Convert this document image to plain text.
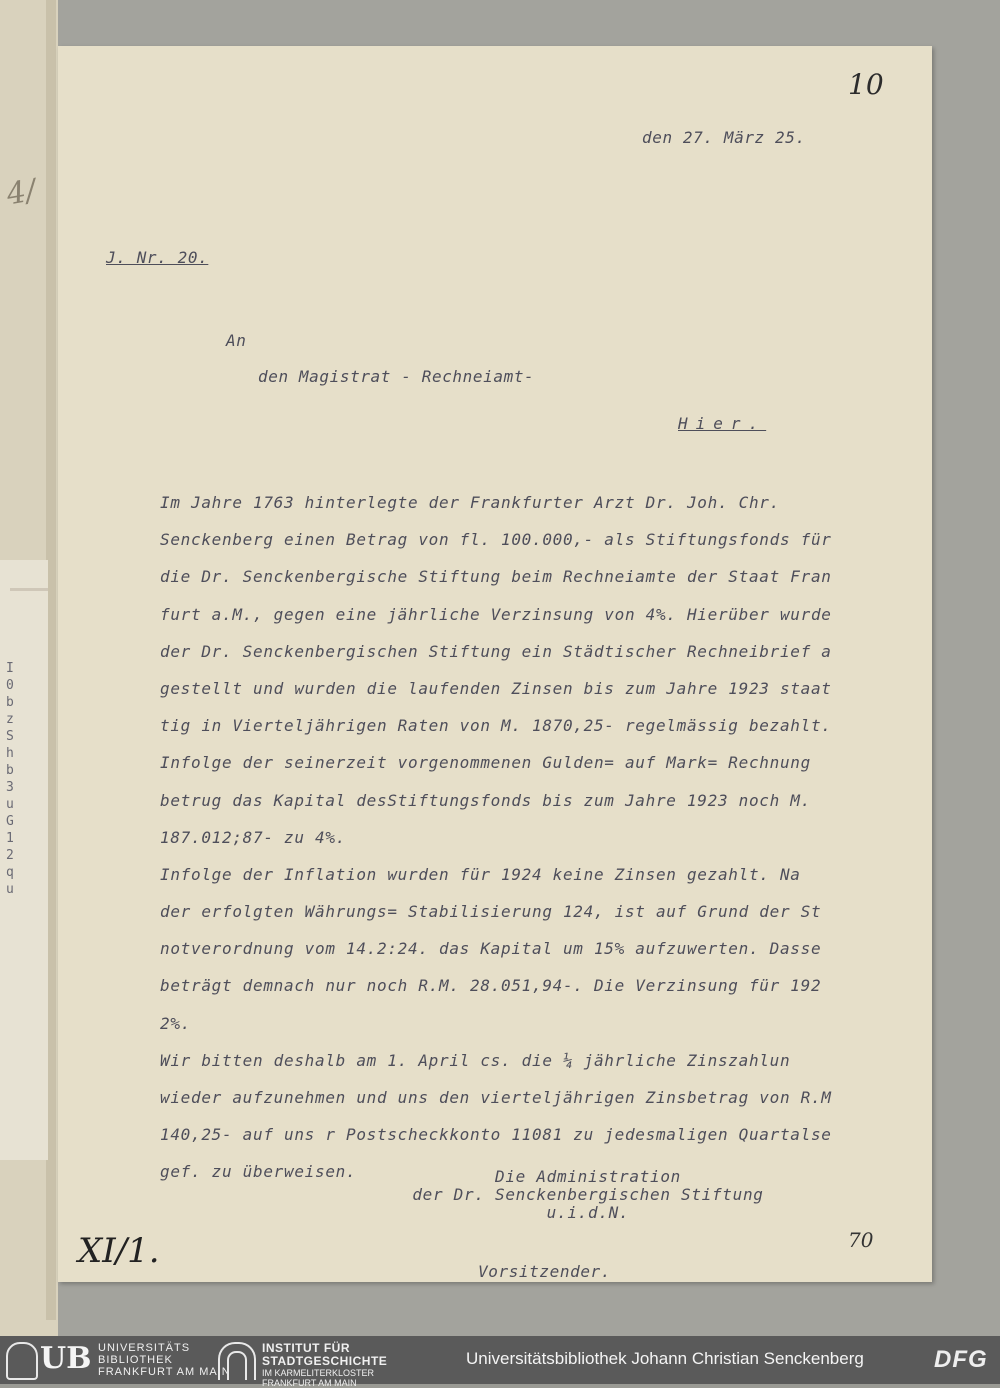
4/
I
0
b
z
S
h
b
3
u
G
1
2
q
u
10
den 27. März 25.
J. Nr. 20.
An
den Magistrat - Rechneiamt-
Hier.
Im Jahre 1763 hinterlegte der Frankfurter Arzt Dr. Joh. Chr.
Senckenberg einen Betrag von fl. 100.000,- als Stiftungsfonds für
die Dr. Senckenbergische Stiftung beim Rechneiamte der Staat Fran
furt a.M., gegen eine jährliche Verzinsung von 4%. Hierüber wurde
der Dr. Senckenbergischen Stiftung ein Städtischer Rechneibrief a
gestellt und wurden die laufenden Zinsen bis zum Jahre 1923 staat
tig in Vierteljährigen Raten von M. 1870,25- regelmässig bezahlt.
Infolge der seinerzeit vorgenommenen Gulden= auf Mark= Rechnung
betrug das Kapital desStiftungsfonds bis zum Jahre 1923 noch M.
187.012;87- zu 4%.
Infolge der Inflation wurden für 1924 keine Zinsen gezahlt. Na
der erfolgten Währungs= Stabilisierung 124, ist auf Grund der St
notverordnung vom 14.2:24. das Kapital um 15% aufzuwerten. Dasse
beträgt demnach nur noch R.M. 28.051,94-. Die Verzinsung für 192
2%.
Wir bitten deshalb am 1. April cs. die ¼ jährliche Zinszahlun
wieder aufzunehmen und uns den vierteljährigen Zinsbetrag von R.M
140,25- auf uns r Postscheckkonto 11081 zu jedesmaligen Quartalse
gef. zu überweisen.	Die Administration
der Dr. Senckenbergischen Stiftung
u.i.d.N.
Vorsitzender.
XI/1.	70
UB UNIVERSITÄTS
BIBLIOTHEK
FRANKFURT AM MAIN
INSTITUT FÜR
STADTGESCHICHTE
IM KARMELITERKLOSTER
FRANKFURT AM MAIN
Universitätsbibliothek Johann Christian Senckenberg	DFG
